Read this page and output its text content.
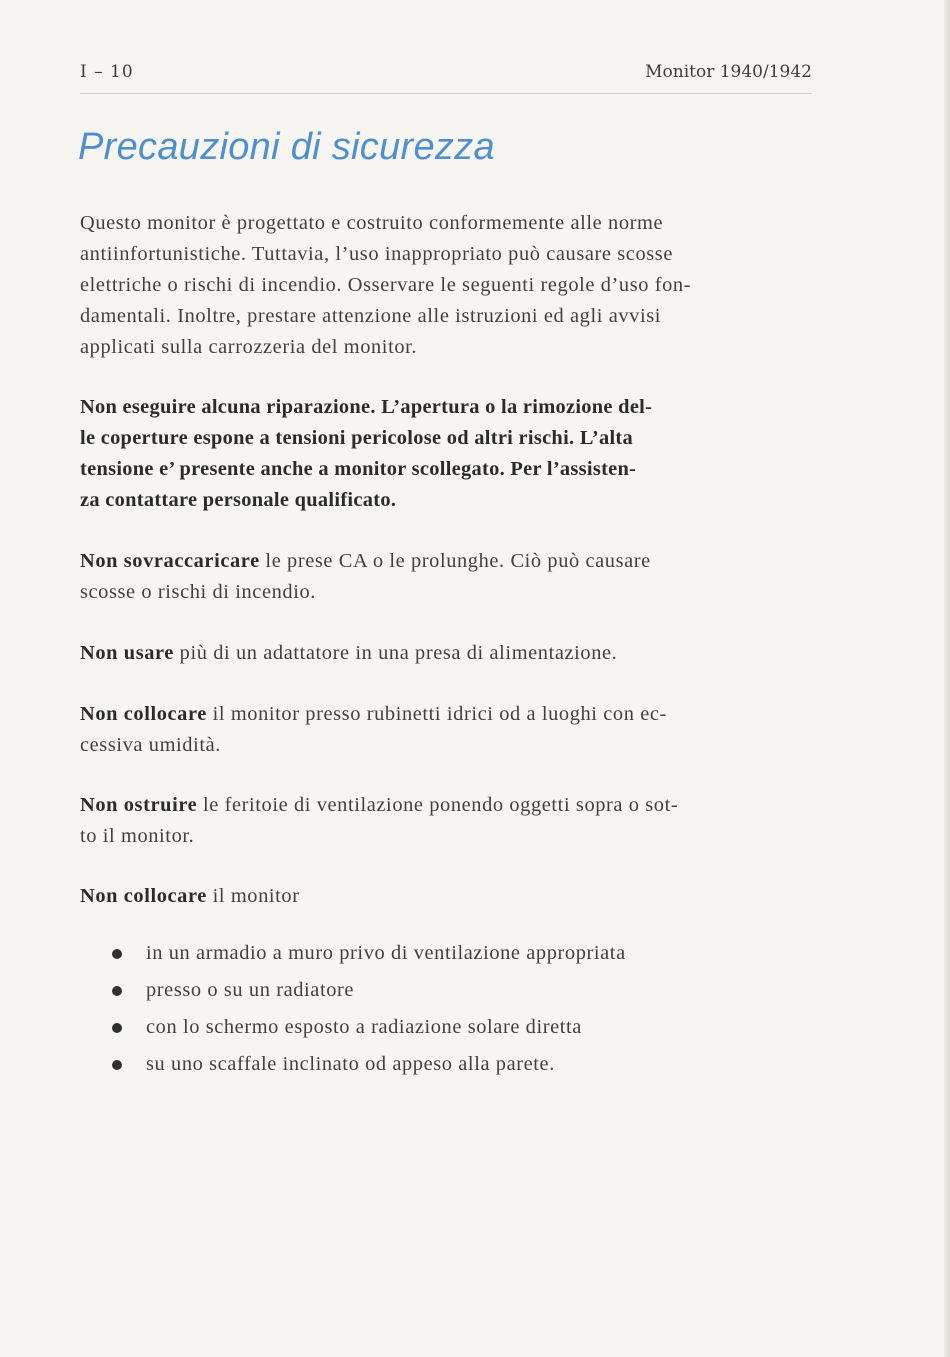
I – 10	Monitor 1940/1942
Precauzioni di sicurezza

Questo monitor è progettato e costruito conformemente alle norme
antiinfortunistiche. Tuttavia, l’uso inappropriato può causare scosse
elettriche o rischi di incendio. Osservare le seguenti regole d’uso fon-
damentali. Inoltre, prestare attenzione alle istruzioni ed agli avvisi
applicati sulla carrozzeria del monitor.

Non eseguire alcuna riparazione. L’apertura o la rimozione del-
le coperture espone a tensioni pericolose od altri rischi. L’alta
tensione e’ presente anche a monitor scollegato. Per l’assisten-
za contattare personale qualificato.

Non sovraccaricare le prese CA o le prolunghe. Ciò può causare
scosse o rischi di incendio.

Non usare più di un adattatore in una presa di alimentazione.

Non collocare il monitor presso rubinetti idrici od a luoghi con ec-
cessiva umidità.

Non ostruire le feritoie di ventilazione ponendo oggetti sopra o sot-
to il monitor.

Non collocare il monitor

in un armadio a muro privo di ventilazione appropriata
presso o su un radiatore
con lo schermo esposto a radiazione solare diretta
su uno scaffale inclinato od appeso alla parete.
